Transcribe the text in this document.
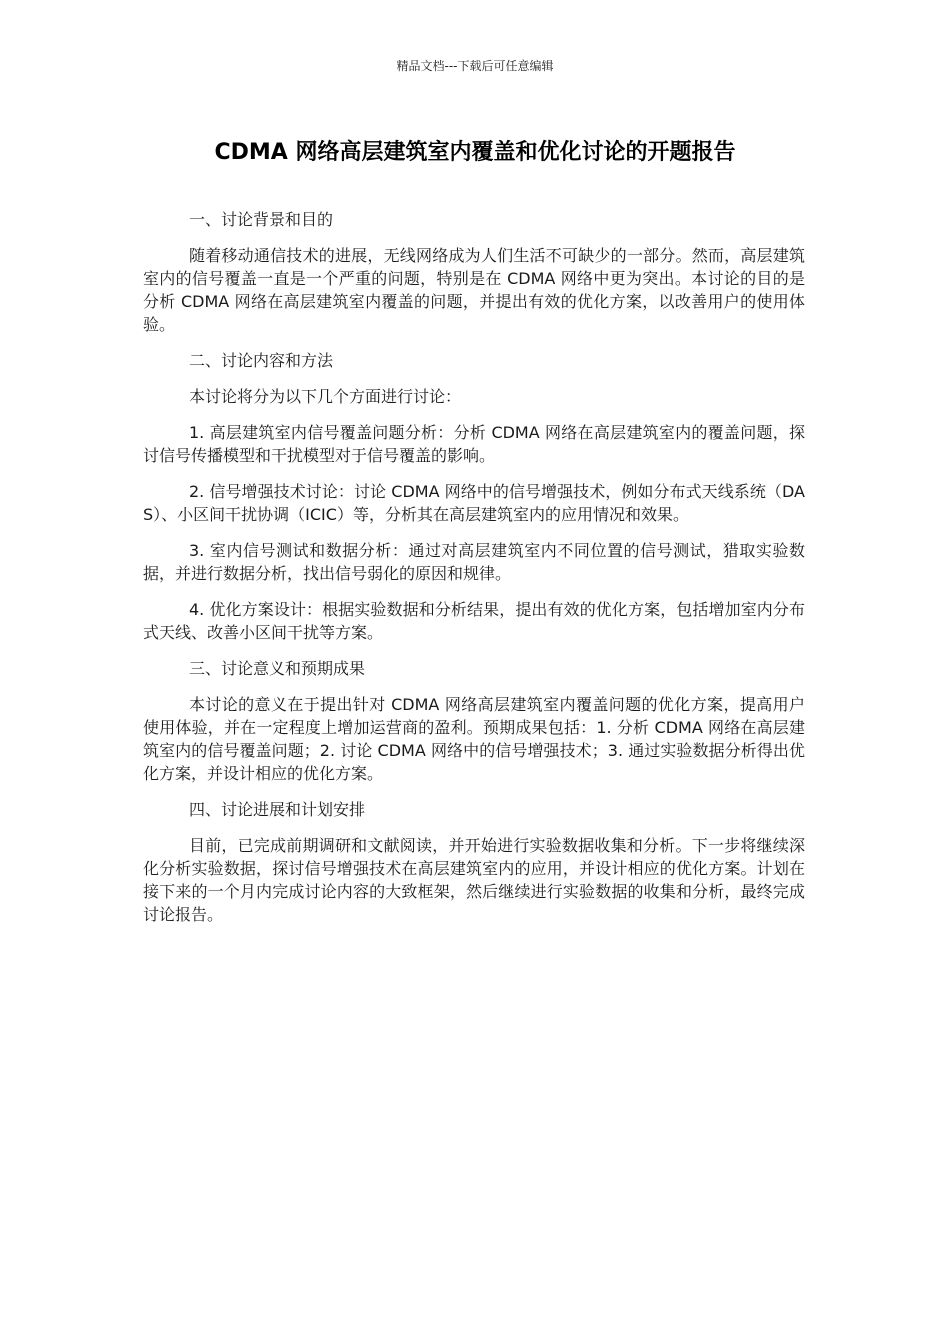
精品文档---下载后可任意编辑
CDMA 网络高层建筑室内覆盖和优化讨论的开题报告

一、讨论背景和目的

随着移动通信技术的进展，无线网络成为人们生活不可缺少的一部分。然而，高层建筑室内的信号覆盖一直是一个严重的问题，特别是在 CDMA 网络中更为突出。本讨论的目的是分析 CDMA 网络在高层建筑室内覆盖的问题，并提出有效的优化方案，以改善用户的使用体验。

二、讨论内容和方法

本讨论将分为以下几个方面进行讨论：

1. 高层建筑室内信号覆盖问题分析：分析 CDMA 网络在高层建筑室内的覆盖问题，探讨信号传播模型和干扰模型对于信号覆盖的影响。

2. 信号增强技术讨论：讨论 CDMA 网络中的信号增强技术，例如分布式天线系统（DAS）、小区间干扰协调（ICIC）等，分析其在高层建筑室内的应用情况和效果。

3. 室内信号测试和数据分析：通过对高层建筑室内不同位置的信号测试，猎取实验数据，并进行数据分析，找出信号弱化的原因和规律。

4. 优化方案设计：根据实验数据和分析结果，提出有效的优化方案，包括增加室内分布式天线、改善小区间干扰等方案。

三、讨论意义和预期成果

本讨论的意义在于提出针对 CDMA 网络高层建筑室内覆盖问题的优化方案，提高用户使用体验，并在一定程度上增加运营商的盈利。预期成果包括：1. 分析 CDMA 网络在高层建筑室内的信号覆盖问题；2. 讨论 CDMA 网络中的信号增强技术；3. 通过实验数据分析得出优化方案，并设计相应的优化方案。

四、讨论进展和计划安排

目前，已完成前期调研和文献阅读，并开始进行实验数据收集和分析。下一步将继续深化分析实验数据，探讨信号增强技术在高层建筑室内的应用，并设计相应的优化方案。计划在接下来的一个月内完成讨论内容的大致框架，然后继续进行实验数据的收集和分析，最终完成讨论报告。
